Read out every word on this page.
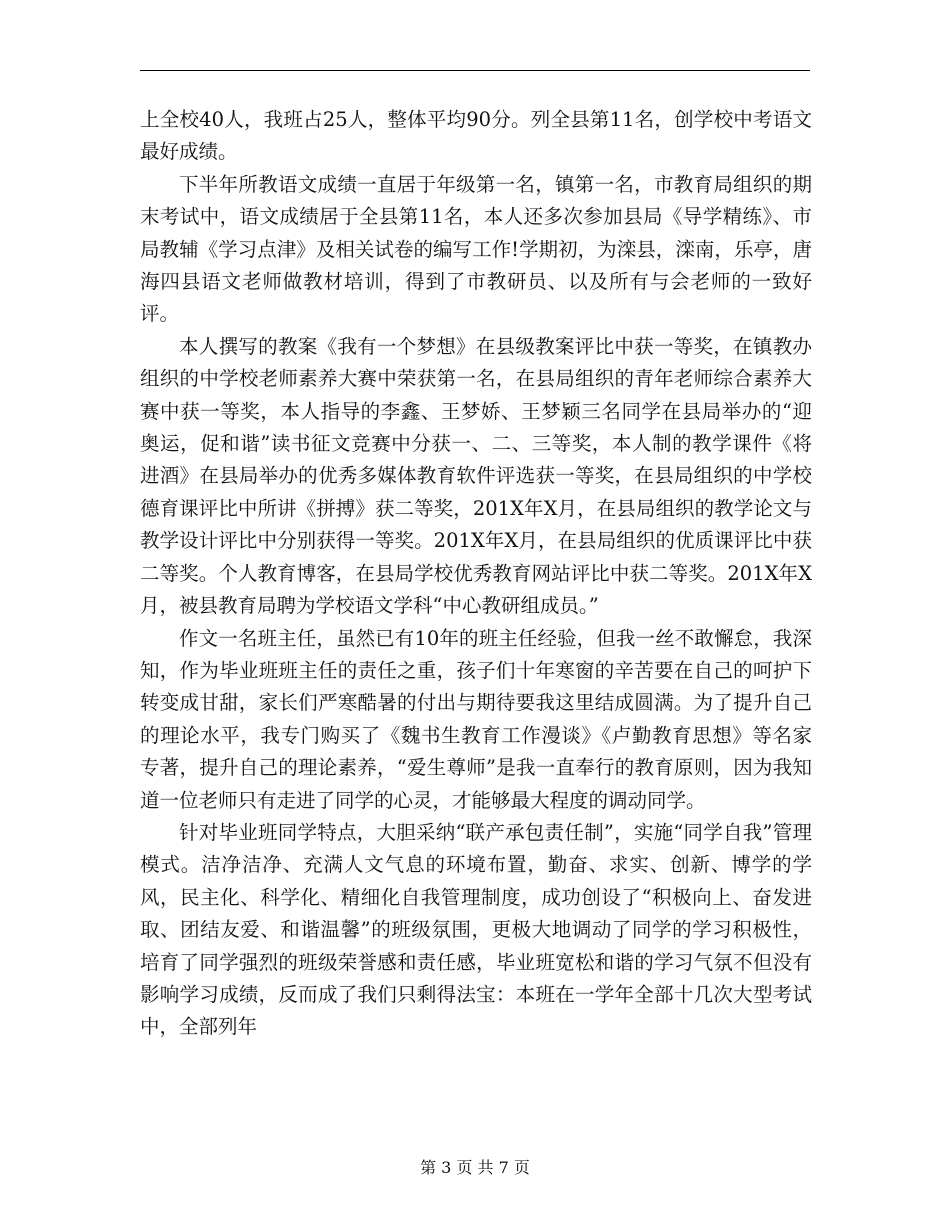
上全校40人，我班占25人，整体平均90分。列全县第11名，创学校中考语文最好成绩。

下半年所教语文成绩一直居于年级第一名，镇第一名，市教育局组织的期末考试中，语文成绩居于全县第11名，本人还多次参加县局《导学精练》、市局教辅《学习点津》及相关试卷的编写工作!学期初，为滦县，滦南，乐亭，唐海四县语文老师做教材培训，得到了市教研员、以及所有与会老师的一致好评。

本人撰写的教案《我有一个梦想》在县级教案评比中获一等奖，在镇教办组织的中学校老师素养大赛中荣获第一名，在县局组织的青年老师综合素养大赛中获一等奖，本人指导的李鑫、王梦娇、王梦颖三名同学在县局举办的“迎奥运，促和谐”读书征文竞赛中分获一、二、三等奖，本人制的教学课件《将进酒》在县局举办的优秀多媒体教育软件评选获一等奖，在县局组织的中学校德育课评比中所讲《拼搏》获二等奖，201X年X月，在县局组织的教学论文与教学设计评比中分别获得一等奖。201X年X月，在县局组织的优质课评比中获二等奖。个人教育博客，在县局学校优秀教育网站评比中获二等奖。201X年X月，被县教育局聘为学校语文学科“中心教研组成员。”

作文一名班主任，虽然已有10年的班主任经验，但我一丝不敢懈怠，我深知，作为毕业班班主任的责任之重，孩子们十年寒窗的辛苦要在自己的呵护下转变成甘甜，家长们严寒酷暑的付出与期待要我这里结成圆满。为了提升自己的理论水平，我专门购买了《魏书生教育工作漫谈》《卢勤教育思想》等名家专著，提升自己的理论素养，“爱生尊师”是我一直奉行的教育原则，因为我知道一位老师只有走进了同学的心灵，才能够最大程度的调动同学。

针对毕业班同学特点，大胆采纳“联产承包责任制”，实施“同学自我”管理模式。洁净洁净、充满人文气息的环境布置，勤奋、求实、创新、博学的学风，民主化、科学化、精细化自我管理制度，成功创设了“积极向上、奋发进取、团结友爱、和谐温馨”的班级氛围，更极大地调动了同学的学习积极性，培育了同学强烈的班级荣誉感和责任感，毕业班宽松和谐的学习气氛不但没有影响学习成绩，反而成了我们只剩得法宝：本班在一学年全部十几次大型考试中，全部列年

第 3 页 共 7 页
